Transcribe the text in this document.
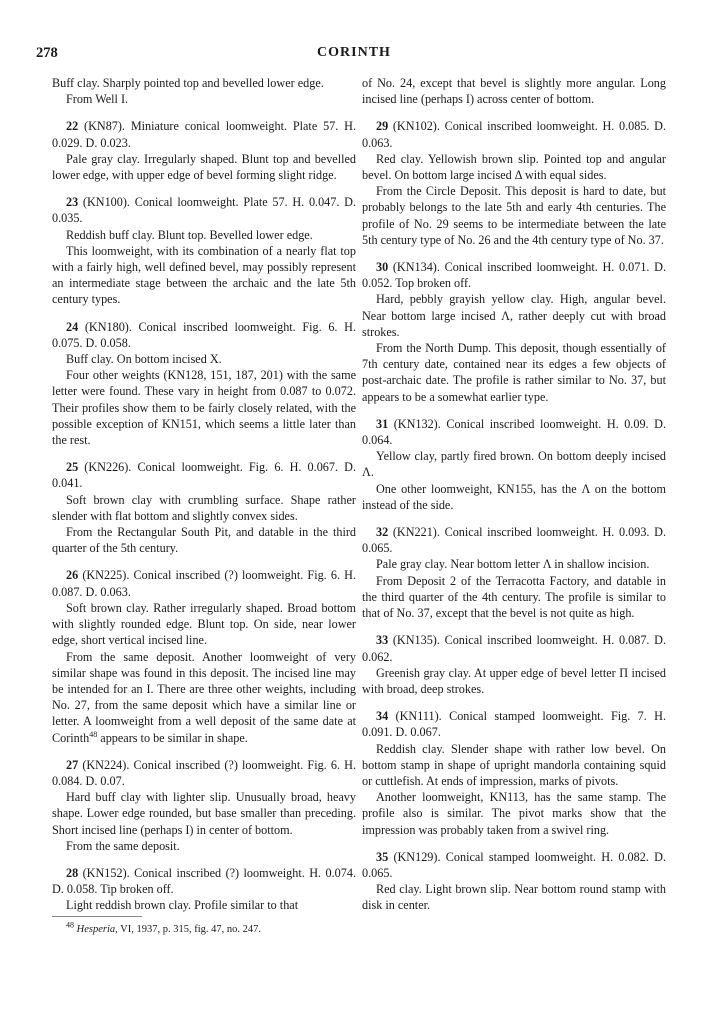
278	CORINTH

Buff clay. Sharply pointed top and bevelled lower edge.

From Well I.

22 (KN87). Miniature conical loomweight. Plate 57. H. 0.029. D. 0.023.

Pale gray clay. Irregularly shaped. Blunt top and bevelled lower edge, with upper edge of bevel forming slight ridge.

23 (KN100). Conical loomweight. Plate 57. H. 0.047. D. 0.035.

Reddish buff clay. Blunt top. Bevelled lower edge.

This loomweight, with its combination of a nearly flat top with a fairly high, well defined bevel, may possibly represent an intermediate stage between the archaic and the late 5th century types.

24 (KN180). Conical inscribed loomweight. Fig. 6. H. 0.075. D. 0.058.

Buff clay. On bottom incised X.

Four other weights (KN128, 151, 187, 201) with the same letter were found. These vary in height from 0.087 to 0.072. Their profiles show them to be fairly closely related, with the possible exception of KN151, which seems a little later than the rest.

25 (KN226). Conical loomweight. Fig. 6. H. 0.067. D. 0.041.

Soft brown clay with crumbling surface. Shape rather slender with flat bottom and slightly convex sides.

From the Rectangular South Pit, and datable in the third quarter of the 5th century.

26 (KN225). Conical inscribed (?) loomweight. Fig. 6. H. 0.087. D. 0.063.

Soft brown clay. Rather irregularly shaped. Broad bottom with slightly rounded edge. Blunt top. On side, near lower edge, short vertical incised line.

From the same deposit. Another loomweight of very similar shape was found in this deposit. The incised line may be intended for an I. There are three other weights, including No. 27, from the same deposit which have a similar line or letter. A loomweight from a well deposit of the same date at Corinth$^{48}$ appears to be similar in shape.

27 (KN224). Conical inscribed (?) loomweight. Fig. 6. H. 0.084. D. 0.07.

Hard buff clay with lighter slip. Unusually broad, heavy shape. Lower edge rounded, but base smaller than preceding. Short incised line (perhaps I) in center of bottom.

From the same deposit.

28 (KN152). Conical inscribed (?) loomweight. H. 0.074. D. 0.058. Tip broken off.

Light reddish brown clay. Profile similar to that

$^{48}$ Hesperia, VI, 1937, p. 315, fig. 47, no. 247.

of No. 24, except that bevel is slightly more angular. Long incised line (perhaps I) across center of bottom.

29 (KN102). Conical inscribed loomweight. H. 0.085. D. 0.063.

Red clay. Yellowish brown slip. Pointed top and angular bevel. On bottom large incised Δ with equal sides.

From the Circle Deposit. This deposit is hard to date, but probably belongs to the late 5th and early 4th centuries. The profile of No. 29 seems to be intermediate between the late 5th century type of No. 26 and the 4th century type of No. 37.

30 (KN134). Conical inscribed loomweight. H. 0.071. D. 0.052. Top broken off.

Hard, pebbly grayish yellow clay. High, angular bevel. Near bottom large incised Λ, rather deeply cut with broad strokes.

From the North Dump. This deposit, though essentially of 7th century date, contained near its edges a few objects of post-archaic date. The profile is rather similar to No. 37, but appears to be a somewhat earlier type.

31 (KN132). Conical inscribed loomweight. H. 0.09. D. 0.064.

Yellow clay, partly fired brown. On bottom deeply incised Λ.

One other loomweight, KN155, has the Λ on the bottom instead of the side.

32 (KN221). Conical inscribed loomweight. H. 0.093. D. 0.065.

Pale gray clay. Near bottom letter Λ in shallow incision.

From Deposit 2 of the Terracotta Factory, and datable in the third quarter of the 4th century. The profile is similar to that of No. 37, except that the bevel is not quite as high.

33 (KN135). Conical inscribed loomweight. H. 0.087. D. 0.062.

Greenish gray clay. At upper edge of bevel letter Π incised with broad, deep strokes.

34 (KN111). Conical stamped loomweight. Fig. 7. H. 0.091. D. 0.067.

Reddish clay. Slender shape with rather low bevel. On bottom stamp in shape of upright mandorla containing squid or cuttlefish. At ends of impression, marks of pivots.

Another loomweight, KN113, has the same stamp. The profile also is similar. The pivot marks show that the impression was probably taken from a swivel ring.

35 (KN129). Conical stamped loomweight. H. 0.082. D. 0.065.

Red clay. Light brown slip. Near bottom round stamp with disk in center.
